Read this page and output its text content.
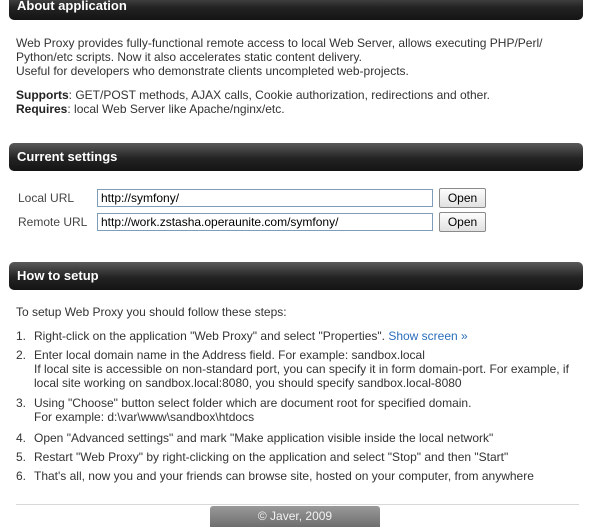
About application

Web Proxy provides fully-functional remote access to local Web Server, allows executing PHP/Perl/
Python/etc scripts. Now it also accelerates static content delivery.
Useful for developers who demonstrate clients uncompleted web-projects.

Supports: GET/POST methods, AJAX calls, Cookie authorization, redirections and other.
Requires: local Web Server like Apache/nginx/etc.

Current settings
Local URL
http://symfony/	Open
Remote URL
http://work.zstasha.operaunite.com/symfony/	Open
How to setup

To setup Web Proxy you should follow these steps:

1. Right-click on the application "Web Proxy" and select "Properties". Show screen »
2. Enter local domain name in the Address field. For example: sandbox.local
If local site is accessible on non-standard port, you can specify it in form domain-port. For example, if
local site working on sandbox.local:8080, you should specify sandbox.local-8080
3. Using "Choose" button select folder which are document root for specified domain.
For example: d:\var\www\sandbox\htdocs
4. Open "Advanced settings" and mark "Make application visible inside the local network"
5. Restart "Web Proxy" by right-clicking on the application and select "Stop" and then "Start"
6. That's all, now you and your friends can browse site, hosted on your computer, from anywhere
© Javer, 2009
